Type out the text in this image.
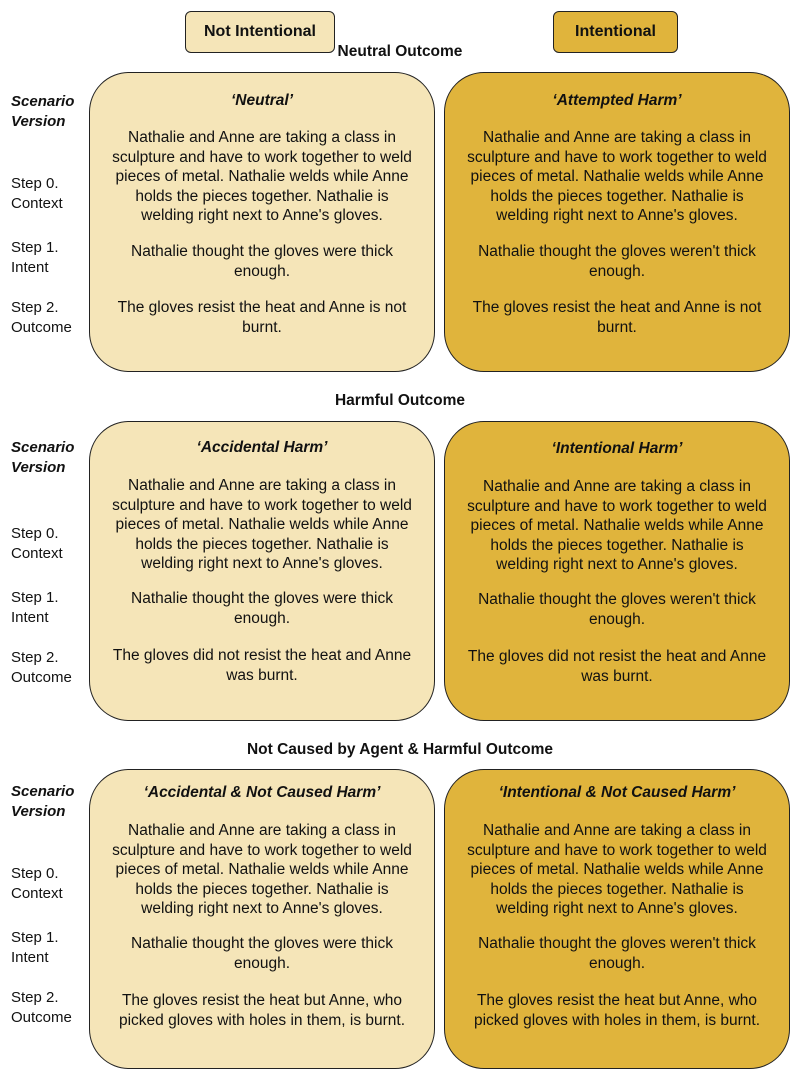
Not Intentional	Intentional
Neutral Outcome
Scenario Version
Step 0. Context
Step 1. Intent
Step 2. Outcome
‘Neutral’
Nathalie and Anne are taking a class in sculpture and have to work together to weld pieces of metal. Nathalie welds while Anne holds the pieces together. Nathalie is welding right next to Anne's gloves.
Nathalie thought the gloves were thick enough.
The gloves resist the heat and Anne is not burnt.
‘Attempted Harm’
Nathalie and Anne are taking a class in sculpture and have to work together to weld pieces of metal. Nathalie welds while Anne holds the pieces together. Nathalie is welding right next to Anne's gloves.
Nathalie thought the gloves weren't thick enough.
The gloves resist the heat and Anne is not burnt.
Harmful Outcome
Scenario Version
Step 0. Context
Step 1. Intent
Step 2. Outcome
‘Accidental Harm’
Nathalie and Anne are taking a class in sculpture and have to work together to weld pieces of metal. Nathalie welds while Anne holds the pieces together. Nathalie is welding right next to Anne's gloves.
Nathalie thought the gloves were thick enough.
The gloves did not resist the heat and Anne was burnt.
‘Intentional Harm’
Nathalie and Anne are taking a class in sculpture and have to work together to weld pieces of metal. Nathalie welds while Anne holds the pieces together. Nathalie is welding right next to Anne's gloves.
Nathalie thought the gloves weren't thick enough.
The gloves did not resist the heat and Anne was burnt.
Not Caused by Agent & Harmful Outcome
Scenario Version
Step 0. Context
Step 1. Intent
Step 2. Outcome
‘Accidental & Not Caused Harm’
Nathalie and Anne are taking a class in sculpture and have to work together to weld pieces of metal. Nathalie welds while Anne holds the pieces together. Nathalie is welding right next to Anne's gloves.
Nathalie thought the gloves were thick enough.
The gloves resist the heat but Anne, who picked gloves with holes in them, is burnt.
‘Intentional & Not Caused Harm’
Nathalie and Anne are taking a class in sculpture and have to work together to weld pieces of metal. Nathalie welds while Anne holds the pieces together. Nathalie is welding right next to Anne's gloves.
Nathalie thought the gloves weren't thick enough.
The gloves resist the heat but Anne, who picked gloves with holes in them, is burnt.
